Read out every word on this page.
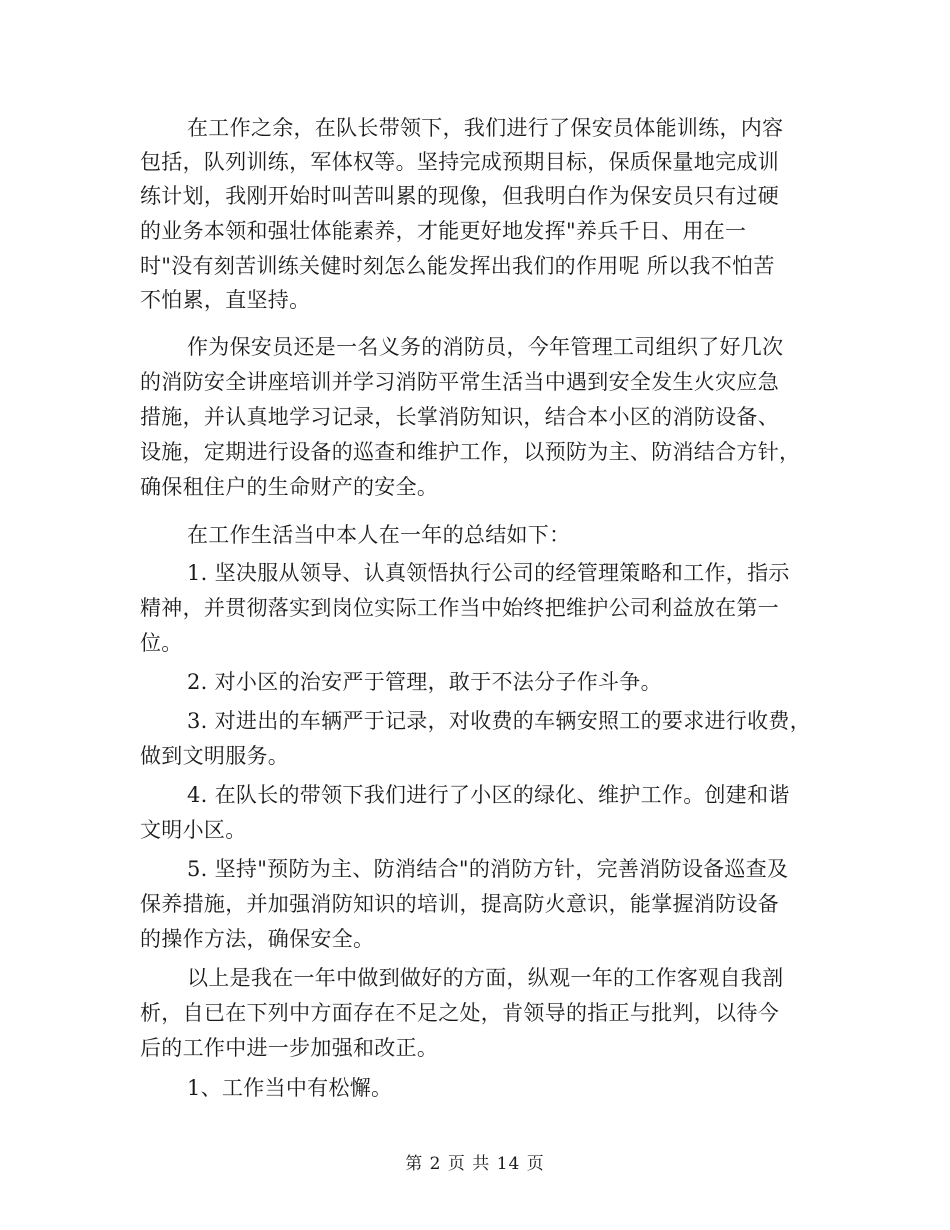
在工作之余，在队长带领下，我们进行了保安员体能训练，内容
包括，队列训练，军体权等。坚持完成预期目标，保质保量地完成训
练计划，我刚开始时叫苦叫累的现像，但我明白作为保安员只有过硬
的业务本领和强壮体能素养，才能更好地发挥"养兵千日、用在一
时"没有刻苦训练关健时刻怎么能发挥出我们的作用呢 所以我不怕苦
不怕累，直坚持。
作为保安员还是一名义务的消防员，今年管理工司组织了好几次
的消防安全讲座培训并学习消防平常生活当中遇到安全发生火灾应急
措施，并认真地学习记录，长掌消防知识，结合本小区的消防设备、
设施，定期进行设备的巡查和维护工作，以预防为主、防消结合方针，
确保租住户的生命财产的安全。
在工作生活当中本人在一年的总结如下：
1. 坚决服从领导、认真领悟执行公司的经管理策略和工作，指示
精神，并贯彻落实到岗位实际工作当中始终把维护公司利益放在第一
位。
2. 对小区的治安严于管理，敢于不法分子作斗争。
3. 对进出的车辆严于记录，对收费的车辆安照工的要求进行收费，
做到文明服务。
4. 在队长的带领下我们进行了小区的绿化、维护工作。创建和谐
文明小区。
5. 坚持"预防为主、防消结合"的消防方针，完善消防设备巡查及
保养措施，并加强消防知识的培训，提高防火意识，能掌握消防设备
的操作方法，确保安全。
以上是我在一年中做到做好的方面，纵观一年的工作客观自我剖
析，自已在下列中方面存在不足之处，肯领导的指正与批判，以待今
后的工作中进一步加强和改正。
1、工作当中有松懈。
第 2 页 共 14 页
